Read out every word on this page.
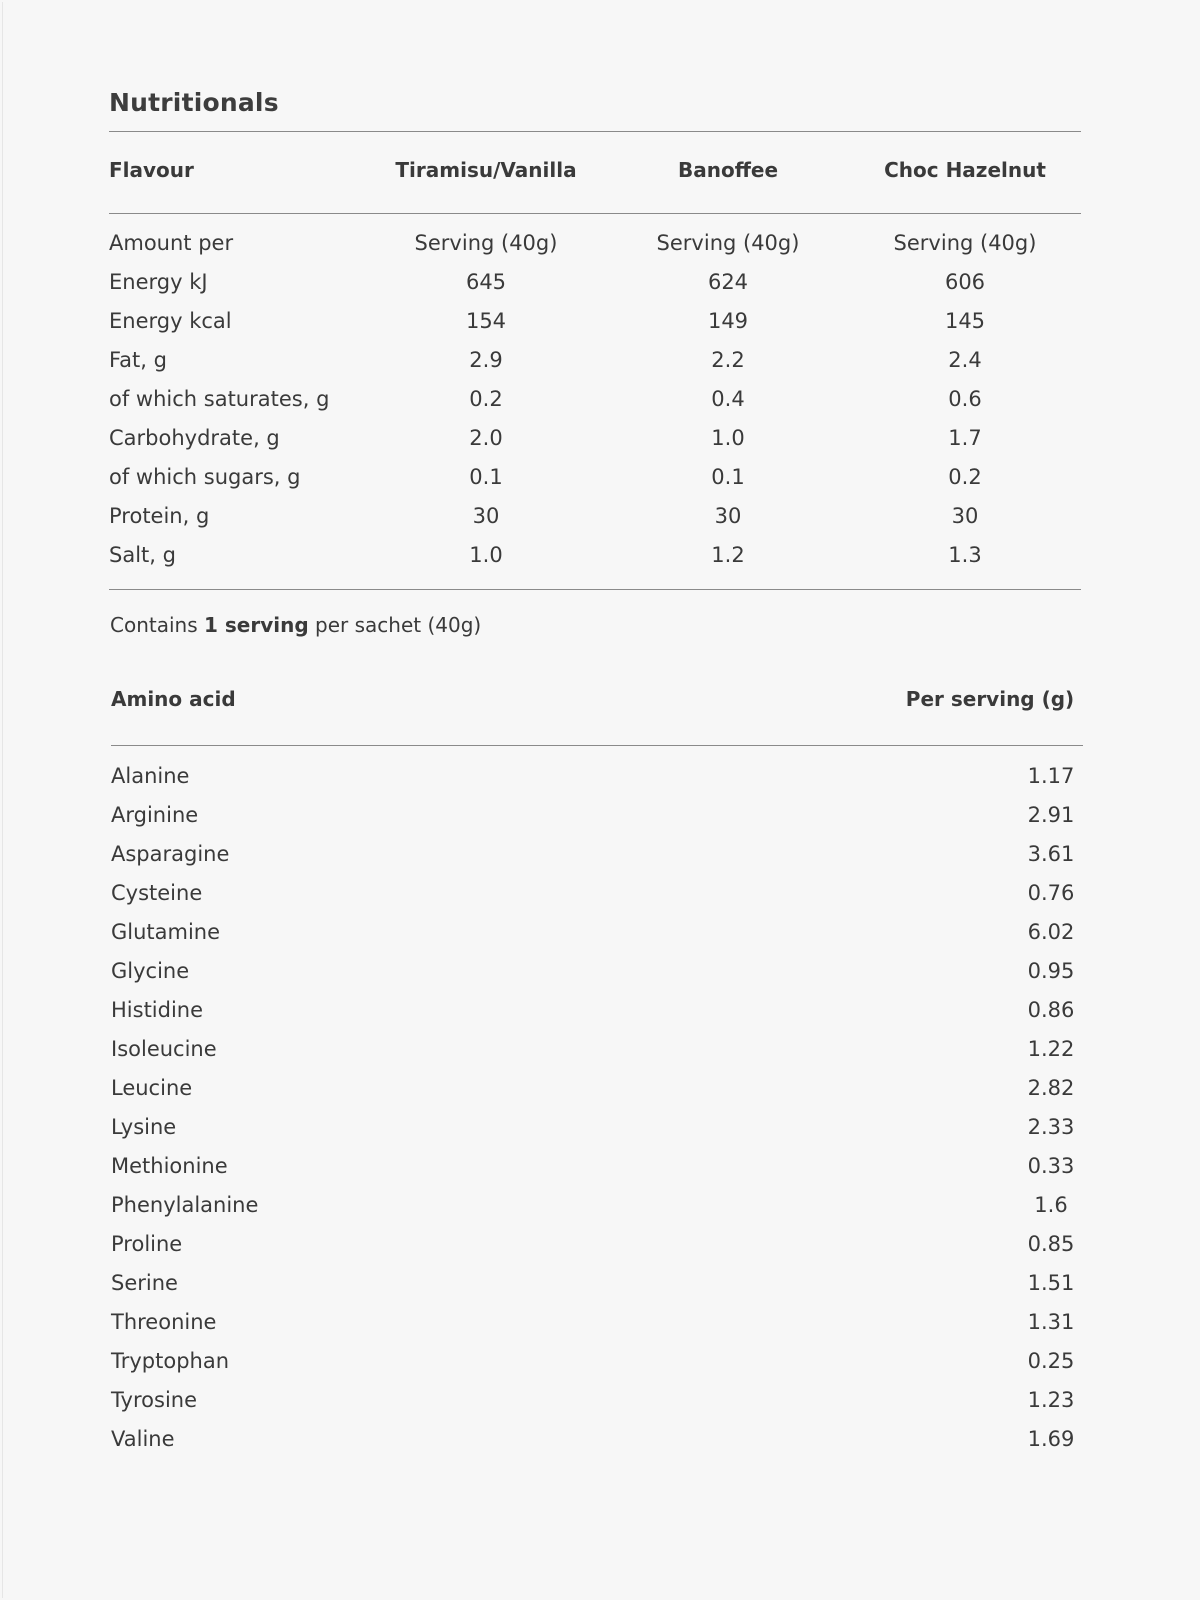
Nutritionals
Flavour	Tiramisu/Vanilla	Banoffee	Choc Hazelnut
Amount per	Serving (40g)	Serving (40g)	Serving (40g)
Energy kJ	645	624	606
Energy kcal	154	149	145
Fat, g	2.9	2.2	2.4
of which saturates, g	0.2	0.4	0.6
Carbohydrate, g	2.0	1.0	1.7
of which sugars, g	0.1	0.1	0.2
Protein, g	30	30	30
Salt, g	1.0	1.2	1.3
Contains 1 serving per sachet (40g)
Amino acid	Per serving (g)
Alanine	1.17
Arginine	2.91
Asparagine	3.61
Cysteine	0.76
Glutamine	6.02
Glycine	0.95
Histidine	0.86
Isoleucine	1.22
Leucine	2.82
Lysine	2.33
Methionine	0.33
Phenylalanine	1.6
Proline	0.85
Serine	1.51
Threonine	1.31
Tryptophan	0.25
Tyrosine	1.23
Valine	1.69
